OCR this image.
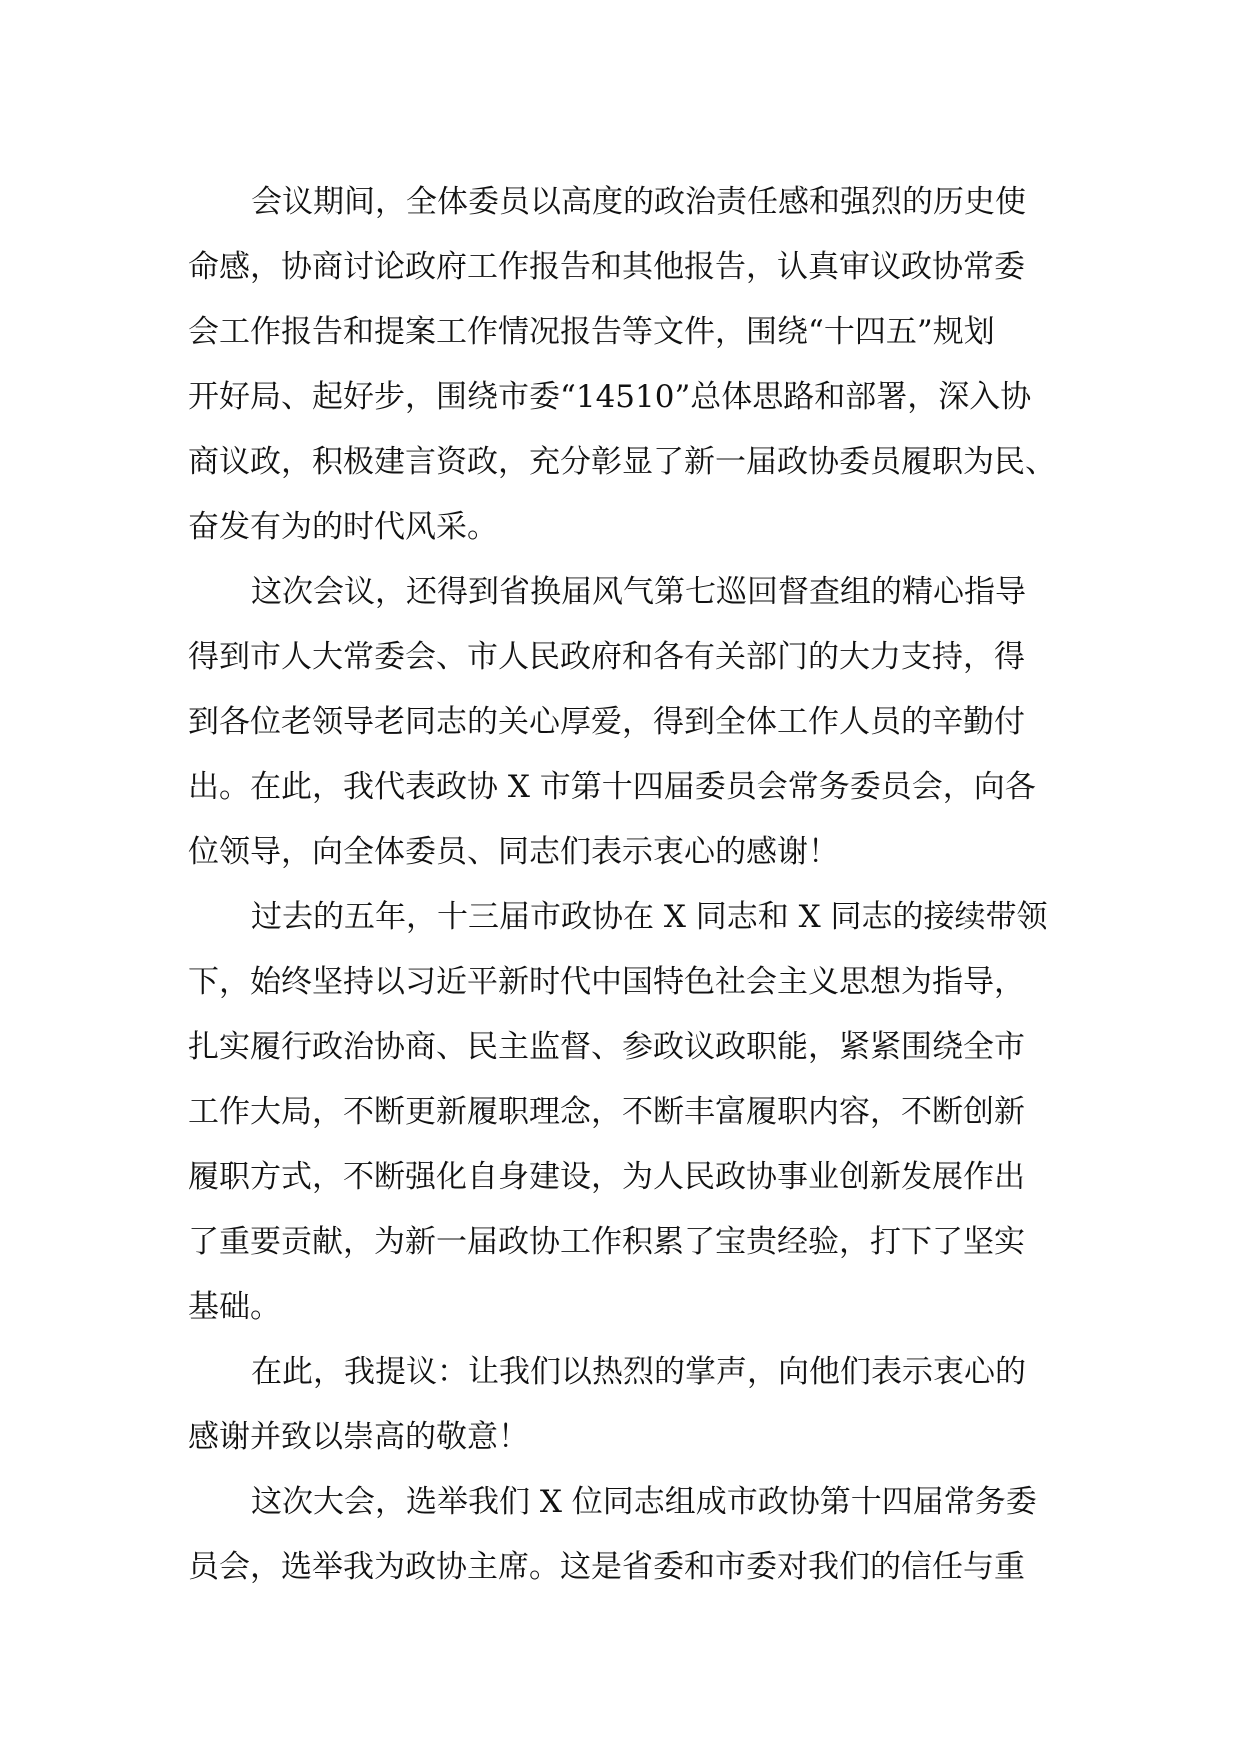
会议期间，全体委员以高度的政治责任感和强烈的历史使
命感，协商讨论政府工作报告和其他报告，认真审议政协常委
会工作报告和提案工作情况报告等文件，围绕“十四五”规划
开好局、起好步，围绕市委“14510”总体思路和部署，深入协
商议政，积极建言资政，充分彰显了新一届政协委员履职为民、
奋发有为的时代风采。
这次会议，还得到省换届风气第七巡回督查组的精心指导
得到市人大常委会、市人民政府和各有关部门的大力支持，得
到各位老领导老同志的关心厚爱，得到全体工作人员的辛勤付
出。在此，我代表政协 X 市第十四届委员会常务委员会，向各
位领导，向全体委员、同志们表示衷心的感谢！
过去的五年，十三届市政协在 X 同志和 X 同志的接续带领
下，始终坚持以习近平新时代中国特色社会主义思想为指导，
扎实履行政治协商、民主监督、参政议政职能，紧紧围绕全市
工作大局，不断更新履职理念，不断丰富履职内容，不断创新
履职方式，不断强化自身建设，为人民政协事业创新发展作出
了重要贡献，为新一届政协工作积累了宝贵经验，打下了坚实
基础。
在此，我提议：让我们以热烈的掌声，向他们表示衷心的
感谢并致以崇高的敬意！
这次大会，选举我们 X 位同志组成市政协第十四届常务委
员会，选举我为政协主席。这是省委和市委对我们的信任与重
